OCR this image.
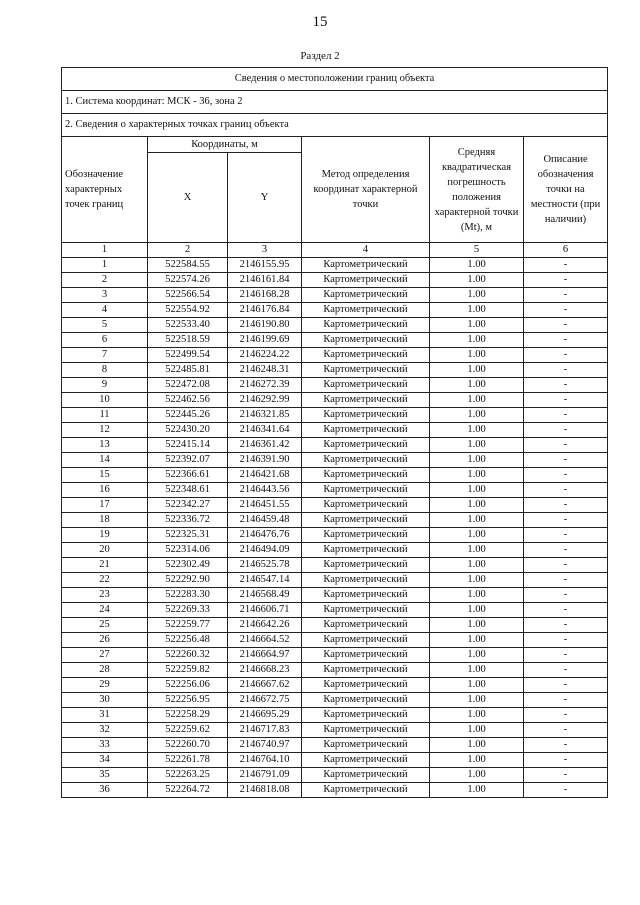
15
Раздел 2
Сведения о местоположении границ объекта					
1. Система координат: МСК - 36, зона 2					
2. Сведения о характерных точках границ объекта					
Обозначение характерных точек границ	Координаты, м		Метод определения координат характерной точки	Средняя квадратическая погрешность положения характерной точки (Mt), м	Описание обозначения точки на местности (при наличии)
	X	Y			
1	2	3	4	5	6
1	522584.55	2146155.95	Картометрический	1.00	-
2	522574.26	2146161.84	Картометрический	1.00	-
3	522566.54	2146168.28	Картометрический	1.00	-
4	522554.92	2146176.84	Картометрический	1.00	-
5	522533.40	2146190.80	Картометрический	1.00	-
6	522518.59	2146199.69	Картометрический	1.00	-
7	522499.54	2146224.22	Картометрический	1.00	-
8	522485.81	2146248.31	Картометрический	1.00	-
9	522472.08	2146272.39	Картометрический	1.00	-
10	522462.56	2146292.99	Картометрический	1.00	-
11	522445.26	2146321.85	Картометрический	1.00	-
12	522430.20	2146341.64	Картометрический	1.00	-
13	522415.14	2146361.42	Картометрический	1.00	-
14	522392.07	2146391.90	Картометрический	1.00	-
15	522366.61	2146421.68	Картометрический	1.00	-
16	522348.61	2146443.56	Картометрический	1.00	-
17	522342.27	2146451.55	Картометрический	1.00	-
18	522336.72	2146459.48	Картометрический	1.00	-
19	522325.31	2146476.76	Картометрический	1.00	-
20	522314.06	2146494.09	Картометрический	1.00	-
21	522302.49	2146525.78	Картометрический	1.00	-
22	522292.90	2146547.14	Картометрический	1.00	-
23	522283.30	2146568.49	Картометрический	1.00	-
24	522269.33	2146606.71	Картометрический	1.00	-
25	522259.77	2146642.26	Картометрический	1.00	-
26	522256.48	2146664.52	Картометрический	1.00	-
27	522260.32	2146664.97	Картометрический	1.00	-
28	522259.82	2146668.23	Картометрический	1.00	-
29	522256.06	2146667.62	Картометрический	1.00	-
30	522256.95	2146672.75	Картометрический	1.00	-
31	522258.29	2146695.29	Картометрический	1.00	-
32	522259.62	2146717.83	Картометрический	1.00	-
33	522260.70	2146740.97	Картометрический	1.00	-
34	522261.78	2146764.10	Картометрический	1.00	-
35	522263.25	2146791.09	Картометрический	1.00	-
36	522264.72	2146818.08	Картометрический	1.00	-
